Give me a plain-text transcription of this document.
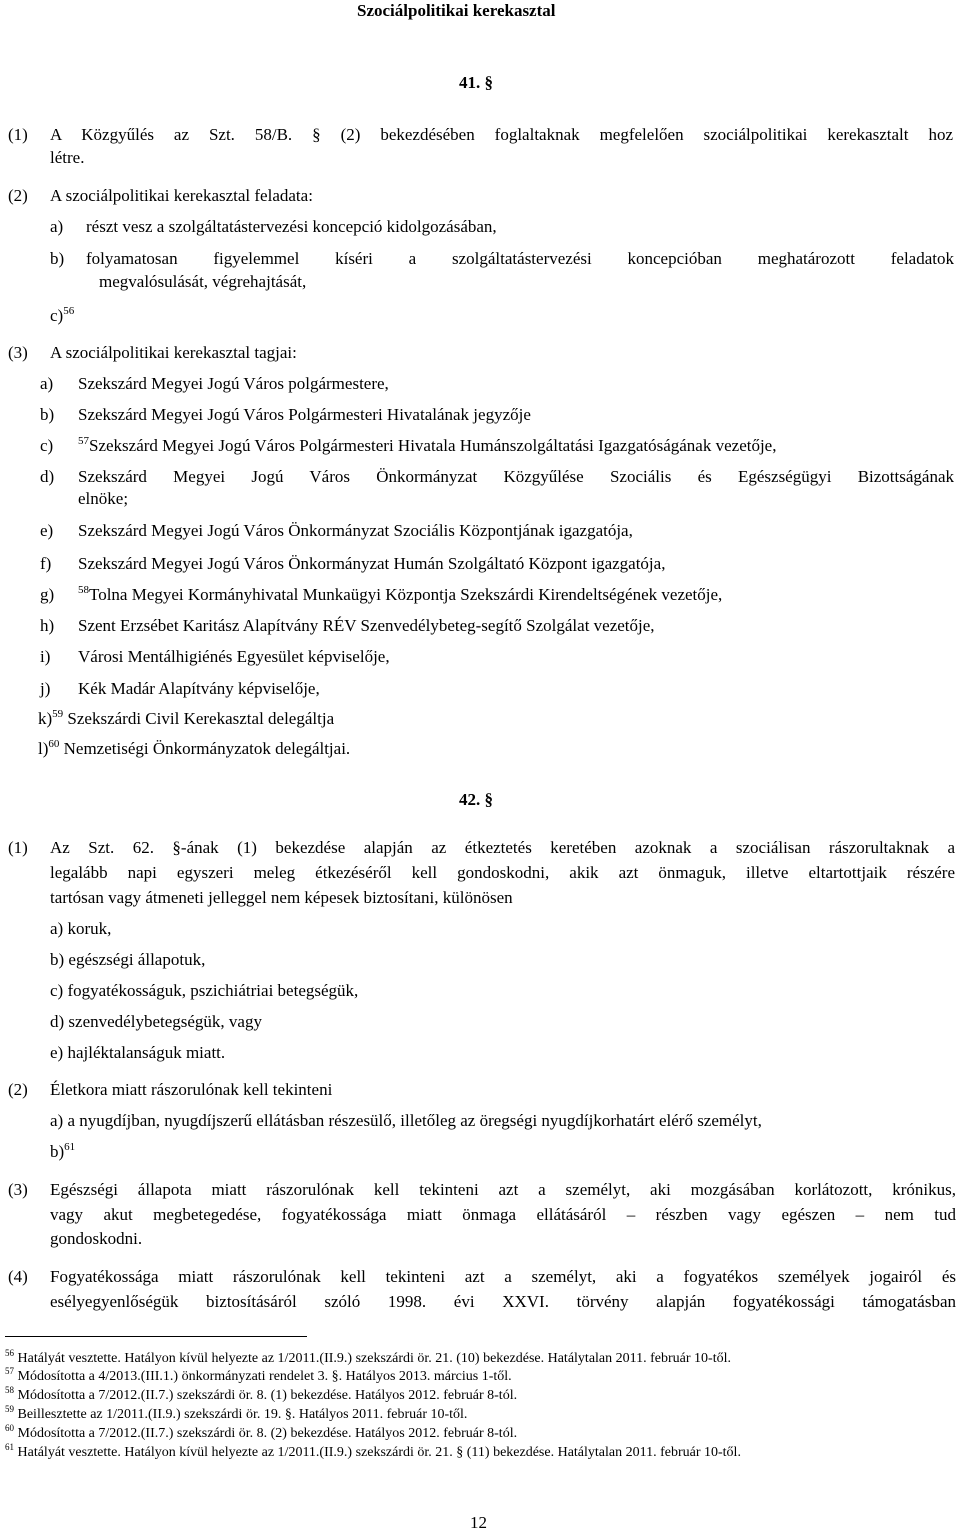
Szociálpolitikai kerekasztal
41. §
(1) A Közgyűlés az Szt. 58/B. § (2) bekezdésében foglaltaknak megfelelően szociálpolitikai kerekasztalt hoz
létre.
(2) A szociálpolitikai kerekasztal feladata:
a) részt vesz a szolgáltatástervezési koncepció kidolgozásában,
b) folyamatosan figyelemmel kíséri a szolgáltatástervezési koncepcióban meghatározott feladatok
megvalósulását, végrehajtását,
c)$^{56}$
(3) A szociálpolitikai kerekasztal tagjai:
a) Szekszárd Megyei Jogú Város polgármestere,
b) Szekszárd Megyei Jogú Város Polgármesteri Hivatalának jegyzője
c) $^{57}$Szekszárd Megyei Jogú Város Polgármesteri Hivatala Humánszolgáltatási Igazgatóságának vezetője,
d) Szekszárd Megyei Jogú Város Önkormányzat Közgyűlése Szociális és Egészségügyi Bizottságának
elnöke;
e) Szekszárd Megyei Jogú Város Önkormányzat Szociális Központjának igazgatója,
f) Szekszárd Megyei Jogú Város Önkormányzat Humán Szolgáltató Központ igazgatója,
g) $^{58}$Tolna Megyei Kormányhivatal Munkaügyi Központja Szekszárdi Kirendeltségének vezetője,
h) Szent Erzsébet Karitász Alapítvány RÉV Szenvedélybeteg-segítő Szolgálat vezetője,
i) Városi Mentálhigiénés Egyesület képviselője,
j) Kék Madár Alapítvány képviselője,
k)$^{59}$ Szekszárdi Civil Kerekasztal delegáltja
l)$^{60}$ Nemzetiségi Önkormányzatok delegáltjai.
42. §
(1) Az Szt. 62. §-ának (1) bekezdése alapján az étkeztetés keretében azoknak a szociálisan rászorultaknak a
legalább napi egyszeri meleg étkezéséről kell gondoskodni, akik azt önmaguk, illetve eltartottjaik részére
tartósan vagy átmeneti jelleggel nem képesek biztosítani, különösen
a) koruk,
b) egészségi állapotuk,
c) fogyatékosságuk, pszichiátriai betegségük,
d) szenvedélybetegségük, vagy
e) hajléktalanságuk miatt.
(2) Életkora miatt rászorulónak kell tekinteni
a) a nyugdíjban, nyugdíjszerű ellátásban részesülő, illetőleg az öregségi nyugdíjkorhatárt elérő személyt,
b)$^{61}$
(3) Egészségi állapota miatt rászorulónak kell tekinteni azt a személyt, aki mozgásában korlátozott, krónikus,
vagy akut megbetegedése, fogyatékossága miatt önmaga ellátásáról – részben vagy egészen – nem tud
gondoskodni.
(4) Fogyatékossága miatt rászorulónak kell tekinteni azt a személyt, aki a fogyatékos személyek jogairól és
esélyegyenlőségük biztosításáról szóló 1998. évi XXVI. törvény alapján fogyatékossági támogatásban
$^{56}$ Hatályát vesztette. Hatályon kívül helyezte az 1/2011.(II.9.) szekszárdi ör. 21. (10) bekezdése. Hatálytalan 2011. február 10-től.
$^{57}$ Módosította a 4/2013.(III.1.) önkormányzati rendelet 3. §. Hatályos 2013. március 1-től.
$^{58}$ Módosította a 7/2012.(II.7.) szekszárdi ör. 8. (1) bekezdése. Hatályos 2012. február 8-tól.
$^{59}$ Beillesztette az 1/2011.(II.9.) szekszárdi ör. 19. §. Hatályos 2011. február 10-től.
$^{60}$ Módosította a 7/2012.(II.7.) szekszárdi ör. 8. (2) bekezdése. Hatályos 2012. február 8-tól.
$^{61}$ Hatályát vesztette. Hatályon kívül helyezte az 1/2011.(II.9.) szekszárdi ör. 21. § (11) bekezdése. Hatálytalan 2011. február 10-től.
12
